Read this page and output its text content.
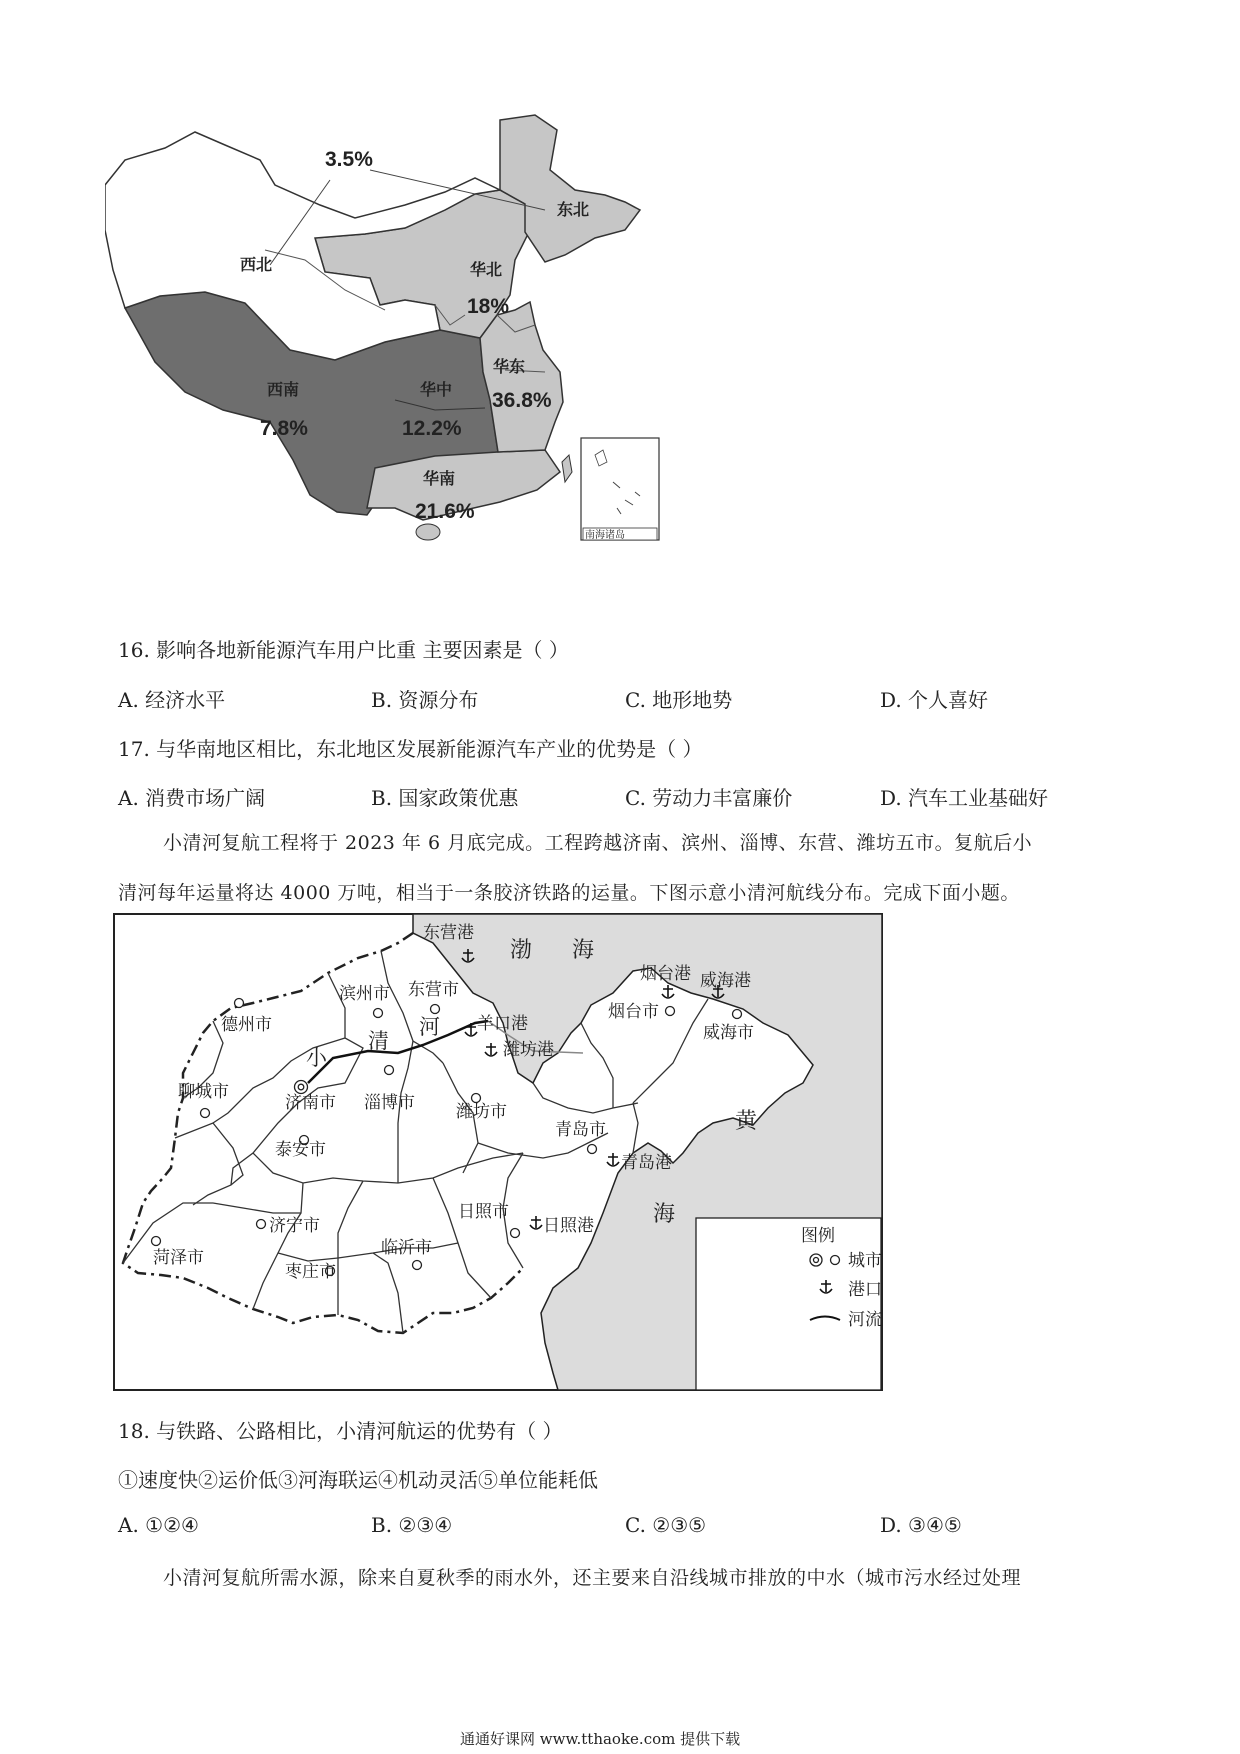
南海诸岛
东北
西北	华北
华东
华中
西南
华南
3.5%
18%
36.8%
12.2%
7.8%
21.6%
16. 影响各地新能源汽车用户比重 主要因素是（ ）
A. 经济水平	B. 资源分布	C. 地形地势	D. 个人喜好
17. 与华南地区相比，东北地区发展新能源汽车产业的优势是（ ）
A. 消费市场广阔	B. 国家政策优惠	C. 劳动力丰富廉价	D. 汽车工业基础好
小清河复航工程将于 2023 年 6 月底完成。工程跨越济南、滨州、淄博、东营、潍坊五市。复航后小
清河每年运量将达 4000 万吨，相当于一条胶济铁路的运量。下图示意小清河航线分布。完成下面小题。
渤 海
黄
海
小
清
河
德州市
滨州市 东营市
聊城市
济南市 淄博市 潍坊市
烟台市
威海市
青岛市
泰安市
日照市
济宁市
菏泽市
临沂市
枣庄市
东营港
羊口港
潍坊港
烟台港 威海港
青岛港
日照港
图例
城市
港口
河流
18. 与铁路、公路相比，小清河航运的优势有（ ）
①速度快②运价低③河海联运④机动灵活⑤单位能耗低
A. ①②④	B. ②③④	C. ②③⑤	D. ③④⑤
小清河复航所需水源，除来自夏秋季的雨水外，还主要来自沿线城市排放的中水（城市污水经过处理
通通好课网 www.tthaoke.com 提供下载
